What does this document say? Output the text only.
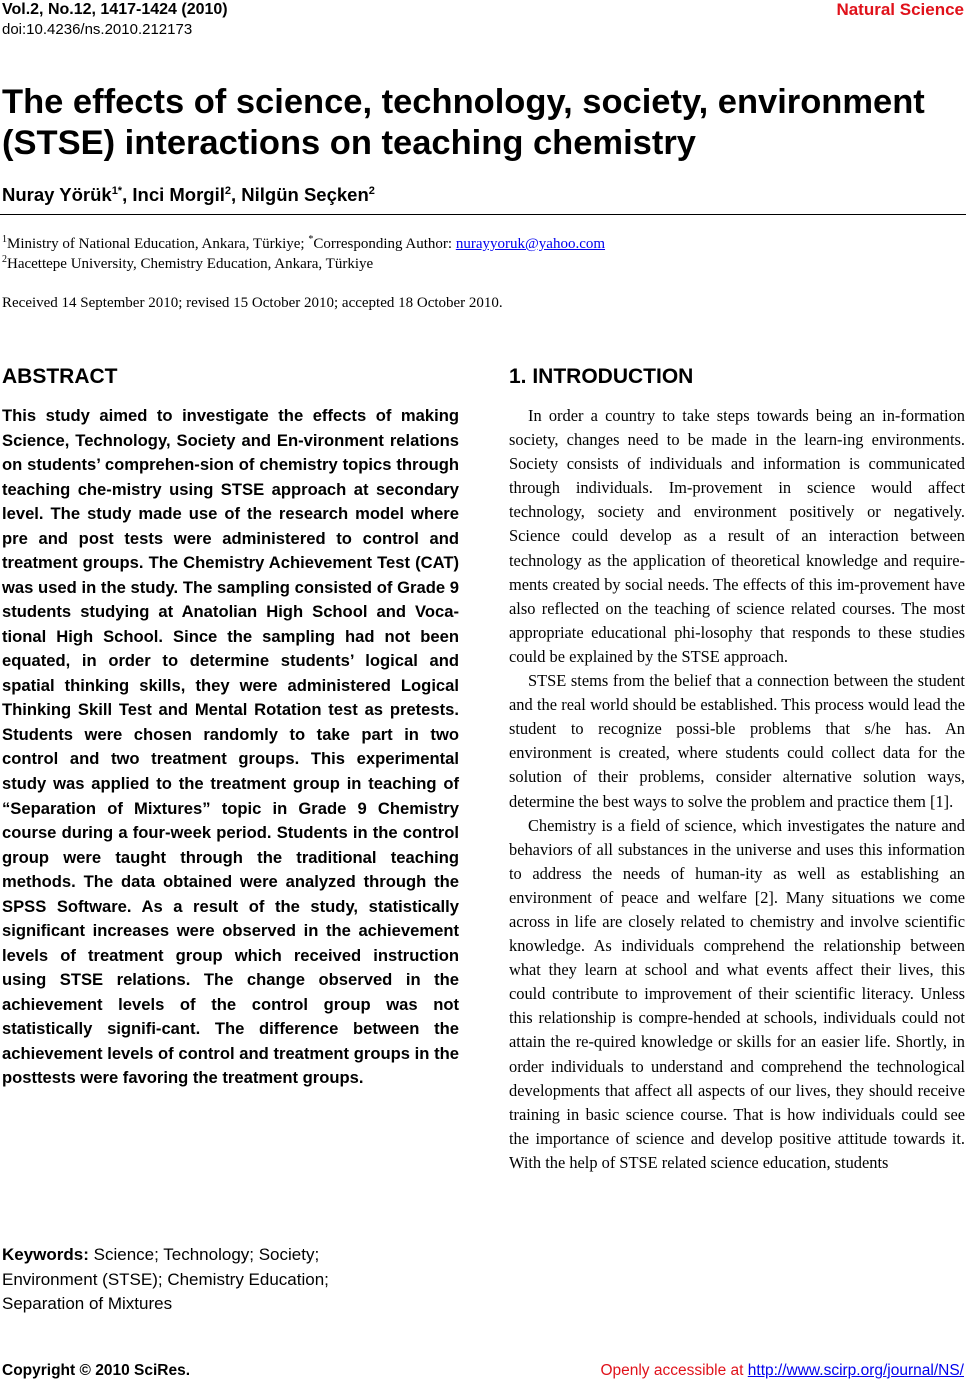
Vol.2, No.12, 1417-1424 (2010)
doi:10.4236/ns.2010.212173
Natural Science
The effects of science, technology, society, environment (STSE) interactions on teaching chemistry
Nuray Yörük$^{1*}$, Inci Morgil$^2$, Nilgün Seçken$^2$
$^1$Ministry of National Education, Ankara, Türkiye; *Corresponding Author: nurayyoruk@yahoo.com
$^2$Hacettepe University, Chemistry Education, Ankara, Türkiye
Received 14 September 2010; revised 15 October 2010; accepted 18 October 2010.
ABSTRACT

This study aimed to investigate the effects of making Science, Technology, Society and En-vironment relations on students’ comprehen-sion of chemistry topics through teaching che-mistry using STSE approach at secondary level. The study made use of the research model where pre and post tests were administered to control and treatment groups. The Chemistry Achievement Test (CAT) was used in the study. The sampling consisted of Grade 9 students studying at Anatolian High School and Voca-tional High School. Since the sampling had not been equated, in order to determine students’ logical and spatial thinking skills, they were administered Logical Thinking Skill Test and Mental Rotation test as pretests. Students were chosen randomly to take part in two control and two treatment groups. This experimental study was applied to the treatment group in teaching of “Separation of Mixtures” topic in Grade 9 Chemistry course during a four-week period. Students in the control group were taught through the traditional teaching methods. The data obtained were analyzed through the SPSS Software. As a result of the study, statistically significant increases were observed in the achievement levels of treatment group which received instruction using STSE relations. The change observed in the achievement levels of the control group was not statistically signifi-cant. The difference between the achievement levels of control and treatment groups in the posttests were favoring the treatment groups.

Keywords: Science; Technology; Society;
Environment (STSE); Chemistry Education;
Separation of Mixtures

1. INTRODUCTION

In order a country to take steps towards being an in-formation society, changes need to be made in the learn-ing environments. Society consists of individuals and information is communicated through individuals. Im-provement in science would affect technology, society and environment positively or negatively. Science could develop as a result of an interaction between technology as the application of theoretical knowledge and require-ments created by social needs. The effects of this im-provement have also reflected on the teaching of science related courses. The most appropriate educational phi-losophy that responds to these studies could be explained by the STSE approach.

STSE stems from the belief that a connection between the student and the real world should be established. This process would lead the student to recognize possi-ble problems that s/he has. An environment is created, where students could collect data for the solution of their problems, consider alternative solution ways, determine the best ways to solve the problem and practice them [1].

Chemistry is a field of science, which investigates the nature and behaviors of all substances in the universe and uses this information to address the needs of human-ity as well as establishing an environment of peace and welfare [2]. Many situations we come across in life are closely related to chemistry and involve scientific knowledge. As individuals comprehend the relationship between what they learn at school and what events affect their lives, this could contribute to improvement of their scientific literacy. Unless this relationship is compre-hended at schools, individuals could not attain the re-quired knowledge or skills for an easier life. Shortly, in order individuals to understand and comprehend the technological developments that affect all aspects of our lives, they should receive training in basic science course. That is how individuals could see the importance of science and develop positive attitude towards it. With the help of STSE related science education, students

Copyright © 2010 SciRes.	Openly accessible at http://www.scirp.org/journal/NS/
